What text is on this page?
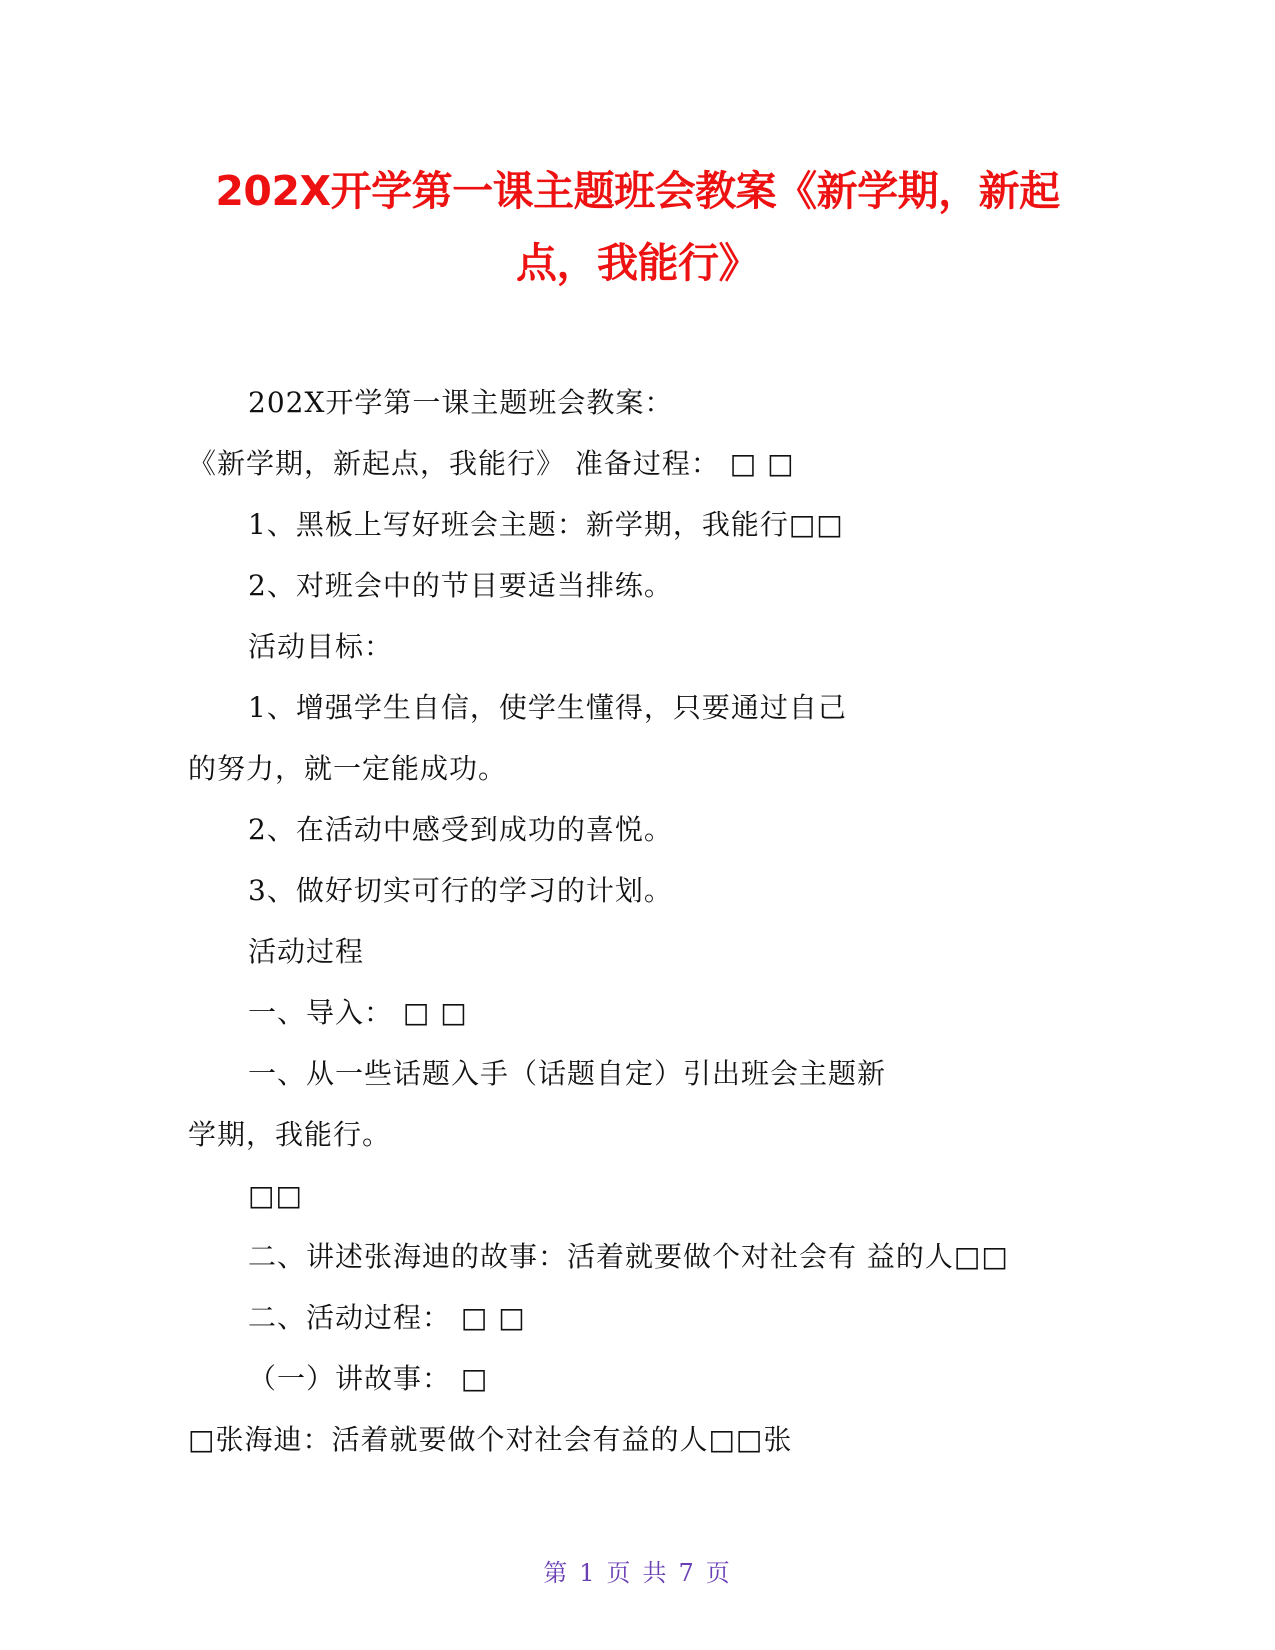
202X开学第一课主题班会教案《新学期，新起
点，我能行》
202X开学第一课主题班会教案：
《新学期，新起点，我能行》 准备过程： □ □
1、黑板上写好班会主题：新学期，我能行□□
2、对班会中的节目要适当排练。
活动目标：
1、增强学生自信，使学生懂得，只要通过自己
的努力，就一定能成功。
2、在活动中感受到成功的喜悦。
3、做好切实可行的学习的计划。
活动过程
一、导入： □ □
一、从一些话题入手（话题自定）引出班会主题新
学期，我能行。
□□
二、讲述张海迪的故事：活着就要做个对社会有 益的人□□
二、活动过程： □ □
（一）讲故事： □
□张海迪：活着就要做个对社会有益的人□□张
第 1 页 共 7 页
